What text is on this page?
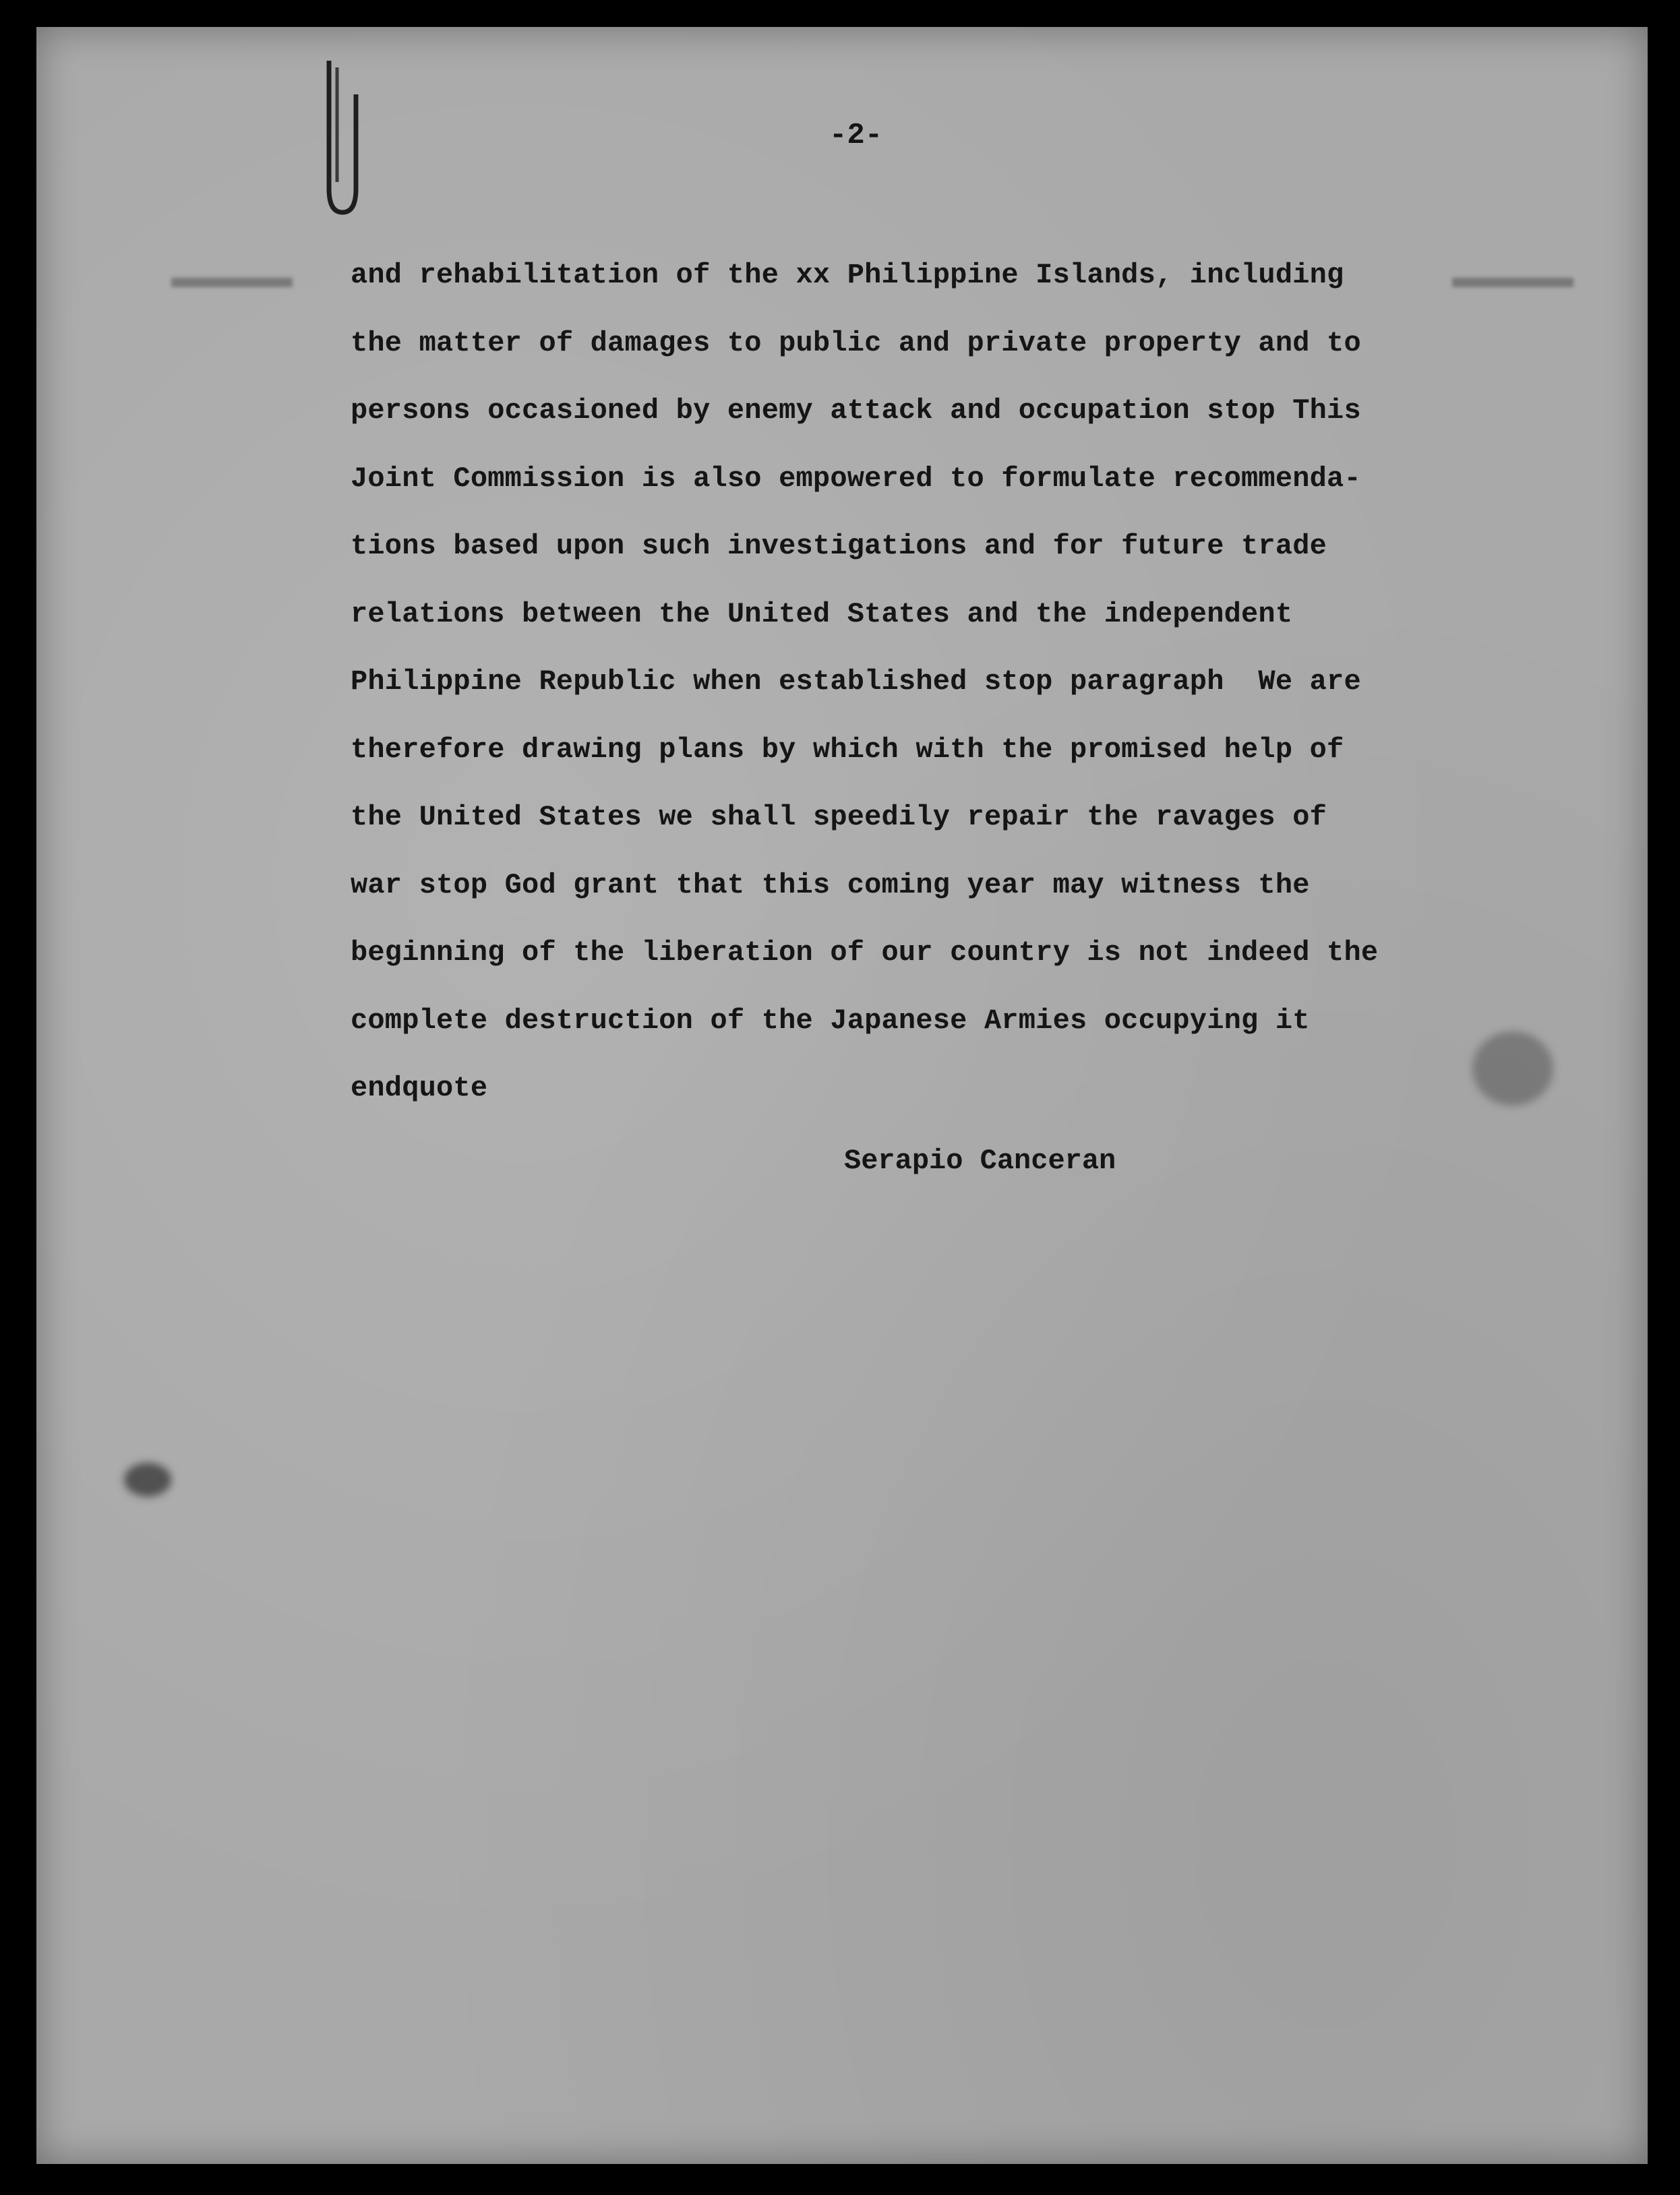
-2-
and rehabilitation of the xx Philippine Islands, including
the matter of damages to public and private property and to
persons occasioned by enemy attack and occupation stop This
Joint Commission is also empowered to formulate recommenda-
tions based upon such investigations and for future trade
relations between the United States and the independent
Philippine Republic when established stop paragraph  We are
therefore drawing plans by which with the promised help of
the United States we shall speedily repair the ravages of
war stop God grant that this coming year may witness the
beginning of the liberation of our country is not indeed the
complete destruction of the Japanese Armies occupying it
endquote
Serapio Canceran
